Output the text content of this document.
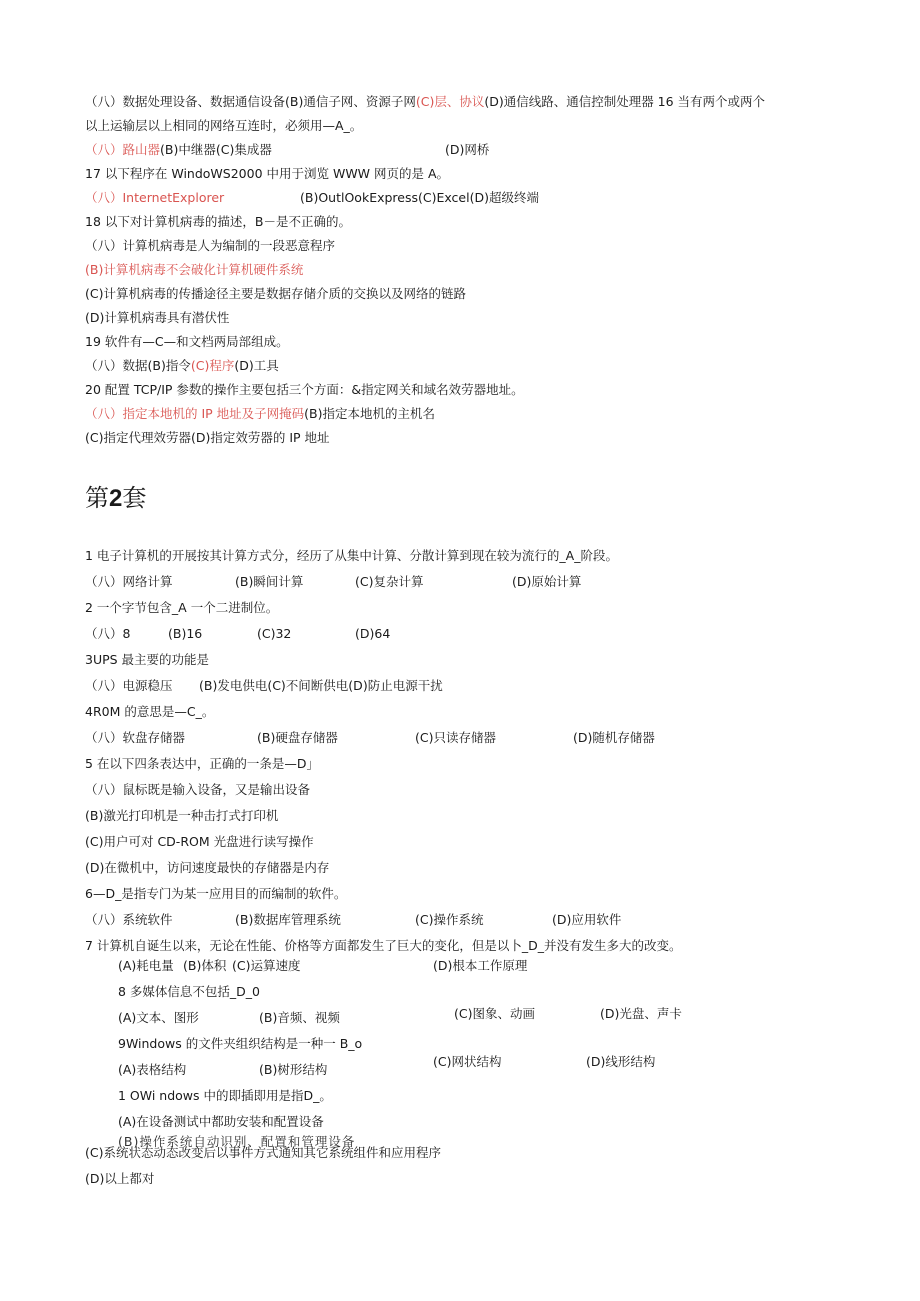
（八）数据处理设备、数据通信设备(B)通信子网、资源子网(C)层、协议(D)通信线路、通信控制处理器 16 当有两个或两个
以上运输层以上相同的网络互连时，必须用—A_。
（八）路山器(B)中继器(C)集成器	(D)网桥
17 以下程序在 WindoWS2000 中用于浏览 WWW 网页的是 A。
（八）InternetExplorer	(B)OutlOokExpress(C)Excel(D)超级终端
18 以下对计算机病毒的描述，B－是不正确的。
（八）计算机病毒是人为编制的一段恶意程序
(B)计算机病毒不会破化计算机硬件系统
(C)计算机病毒的传播途径主要是数据存储介质的交换以及网络的链路
(D)计算机病毒具有潜伏性
19 软件有—C—和文档两局部组成。
（八）数据(B)指令(C)程序(D)工具
20 配置 TCP/IP 参数的操作主要包括三个方面：&指定网关和域名效劳器地址。
（八）指定本地机的 IP 地址及子网掩码(B)指定本地机的主机名
(C)指定代理效劳器(D)指定效劳器的 IP 地址
第2套
1 电子计算机的开展按其计算方式分，经历了从集中计算、分散计算到现在较为流行的_A_阶段。
（八）网络计算	(B)瞬间计算	(C)复杂计算	(D)原始计算
2 一个字节包含_A 一个二进制位。
（八）8	(B)16	(C)32	(D)64
3UPS 最主要的功能是
（八）电源稳压 (B)发电供电(C)不间断供电(D)防止电源干扰
4R0M 的意思是—C_。
（八）软盘存储器	(B)硬盘存储器	(C)只读存储器	(D)随机存储器
5 在以下四条表达中，正确的一条是—D」
（八）鼠标既是输入设备，又是输出设备
(B)激光打印机是一种击打式打印机
(C)用户可对 CD-ROM 光盘进行读写操作
(D)在微机中，访问速度最快的存储器是内存
6—D_是指专门为某一应用目的而编制的软件。
（八）系统软件	(B)数据库管理系统	(C)操作系统	(D)应用软件
7 计算机自诞生以来，无论在性能、价格等方面都发生了巨大的变化，但是以卜_D_并没有发生多大的改变。
(A)耗电量 (B)体积 (C)运算速度	(D)根本工作原理
8 多媒体信息不包括_D_0
(A)文本、图形	(B)音频、视频	(C)图象、动画	(D)光盘、声卡
9Windows 的文件夹组织结构是一种一 B_o
(A)表格结构	(B)树形结构
(C)网状结构	(D)线形结构
1 OWi ndows 中的即插即用是指D_。
(A)在设备测试中都助安装和配置设备
(B)操作系统自动识别、配置和管理设备
(C)系统状态动态改变后以事件方式通知其它系统组件和应用程序
(D)以上都对
